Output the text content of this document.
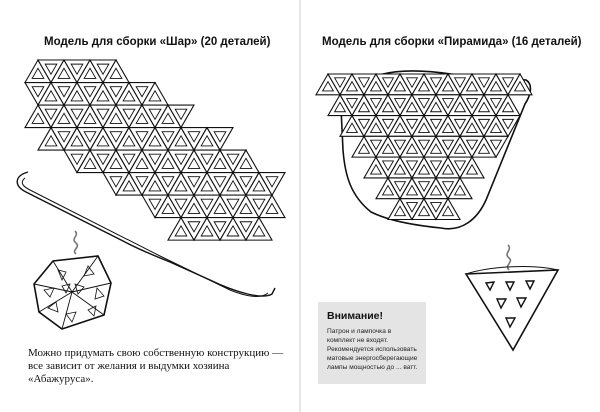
Модель для сборки «Шар» (20 деталей)

Можно придумать свою собственную конструкцию — все зависит от желания и выдумки хозяина «Абажуруса».

Модель для сборки «Пирамида» (16 деталей)

Внимание!

Патрон и лампочка в комплект не входят. Рекомендуется использовать матовые энергосберегающие лампы мощностью до ... ватт.
